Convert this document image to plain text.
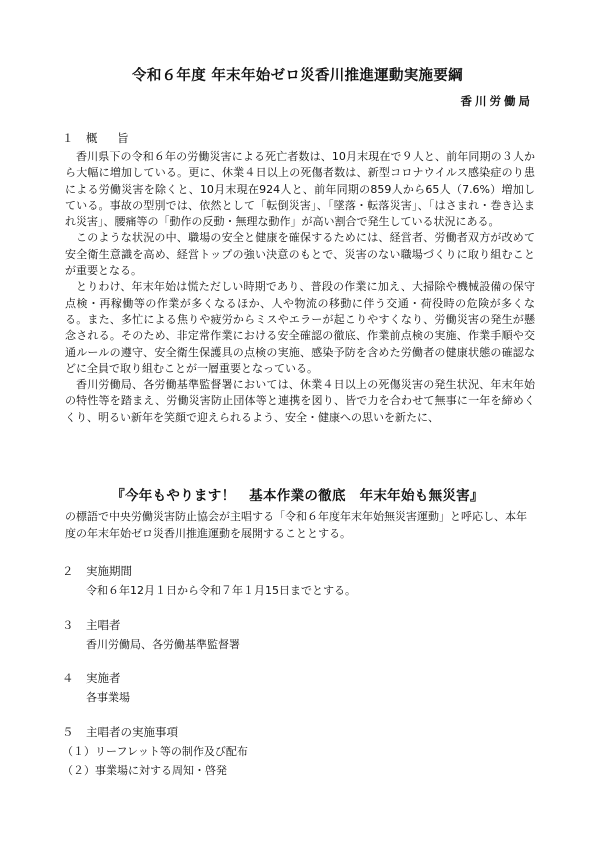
令和６年度 年末年始ゼロ災香川推進運動実施要綱
香川労働局
１ 概 旨

香川県下の令和６年の労働災害による死亡者数は、10月末現在で９人と、前年同期の３人から大幅に増加している。更に、休業４日以上の死傷者数は、新型コロナウイルス感染症のり患による労働災害を除くと、10月末現在924人と、前年同期の859人から65人（7.6%）増加している。事故の型別では、依然として「転倒災害」、「墜落・転落災害」、「はさまれ・巻き込まれ災害」、腰痛等の「動作の反動・無理な動作」が高い割合で発生している状況にある。

このような状況の中、職場の安全と健康を確保するためには、経営者、労働者双方が改めて安全衛生意識を高め、経営トップの強い決意のもとで、災害のない職場づくりに取り組むことが重要となる。

とりわけ、年末年始は慌ただしい時期であり、普段の作業に加え、大掃除や機械設備の保守点検・再稼働等の作業が多くなるほか、人や物流の移動に伴う交通・荷役時の危険が多くなる。また、多忙による焦りや疲労からミスやエラーが起こりやすくなり、労働災害の発生が懸念される。そのため、非定常作業における安全確認の徹底、作業前点検の実施、作業手順や交通ルールの遵守、安全衛生保護具の点検の実施、感染予防を含めた労働者の健康状態の確認などに全員で取り組むことが一層重要となっている。

香川労働局、各労働基準監督署においては、休業４日以上の死傷災害の発生状況、年末年始の特性等を踏まえ、労働災害防止団体等と連携を図り、皆で力を合わせて無事に一年を締めくくり、明るい新年を笑顔で迎えられるよう、安全・健康への思いを新たに、

『今年もやります！　基本作業の徹底　年末年始も無災害』

の標語で中央労働災害防止協会が主唱する「令和６年度年末年始無災害運動」と呼応し、本年度の年末年始ゼロ災香川推進運動を展開することとする。

２ 実施期間
令和６年12月１日から令和７年１月15日までとする。
３ 主唱者
香川労働局、各労働基準監督署
４ 実施者
各事業場
５ 主唱者の実施事項
（１）リーフレット等の制作及び配布
（２）事業場に対する周知・啓発
